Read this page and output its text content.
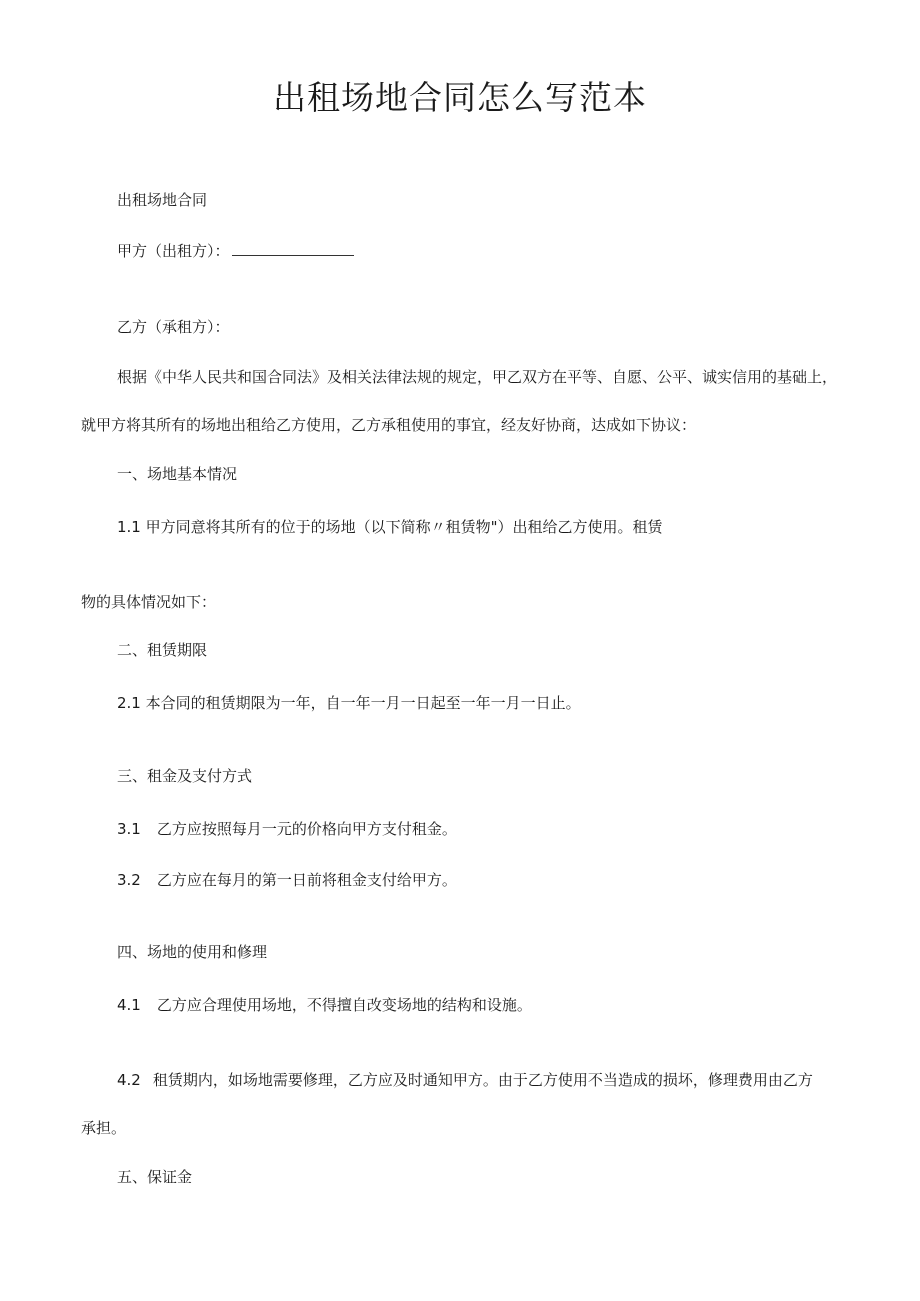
出租场地合同怎么写范本

出租场地合同

甲方（出租方）：

乙方（承租方）：

根据《中华人民共和国合同法》及相关法律法规的规定，甲乙双方在平等、自愿、公平、诚实信用的基础上，

就甲方将其所有的场地出租给乙方使用，乙方承租使用的事宜，经友好协商，达成如下协议：

一、场地基本情况

1.1 甲方同意将其所有的位于的场地（以下简称〃租赁物"）出租给乙方使用。租赁

物的具体情况如下：

二、租赁期限

2.1 本合同的租赁期限为一年，自一年一月一日起至一年一月一日止。

三、租金及支付方式

3.1 乙方应按照每月一元的价格向甲方支付租金。

3.2 乙方应在每月的第一日前将租金支付给甲方。

四、场地的使用和修理

4.1 乙方应合理使用场地，不得擅自改变场地的结构和设施。

4.2 租赁期内，如场地需要修理，乙方应及时通知甲方。由于乙方使用不当造成的损坏，修理费用由乙方

承担。

五、保证金
